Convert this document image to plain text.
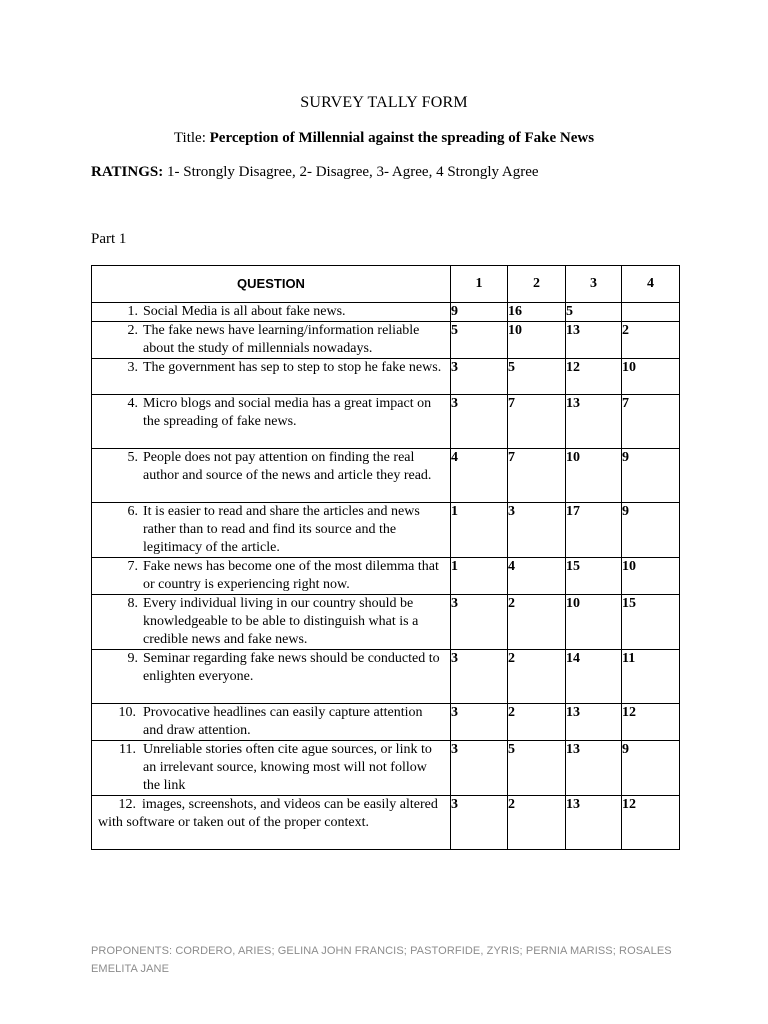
SURVEY TALLY FORM
Title: Perception of Millennial against the spreading of Fake News
RATINGS: 1- Strongly Disagree, 2- Disagree, 3- Agree, 4 Strongly Agree
Part 1
QUESTION	1	2	3	4

1. Social Media is all about fake news.	9	16	5	

2. The fake news have learning/information reliable about the study of millennials nowadays.	5	10	13	2

3. The government has sep to step to stop he fake news.	3	5	12	10

4. Micro blogs and social media has a great impact on the spreading of fake news.	3	7	13	7

5. People does not pay attention on finding the real author and source of the news and article they read.	4	7	10	9

6. It is easier to read and share the articles and news rather than to read and find its source and the legitimacy of the article.	1	3	17	9

7. Fake news has become one of the most dilemma that or country is experiencing right now.	1	4	15	10

8. Every individual living in our country should be knowledgeable to be able to distinguish what is a credible news and fake news.	3	2	10	15

9. Seminar regarding fake news should be conducted to enlighten everyone.	3	2	14	11

10. Provocative headlines can easily capture attention and draw attention.	3	2	13	12

11. Unreliable stories often cite ague sources, or link to an irrelevant source, knowing most will not follow the link	3	5	13	9

12. images, screenshots, and videos can be easily altered with software or taken out of the proper context.	3	2	13	12
PROPONENTS: CORDERO, ARIES; GELINA JOHN FRANCIS; PASTORFIDE, ZYRIS; PERNIA MARISS; ROSALES EMELITA JANE
